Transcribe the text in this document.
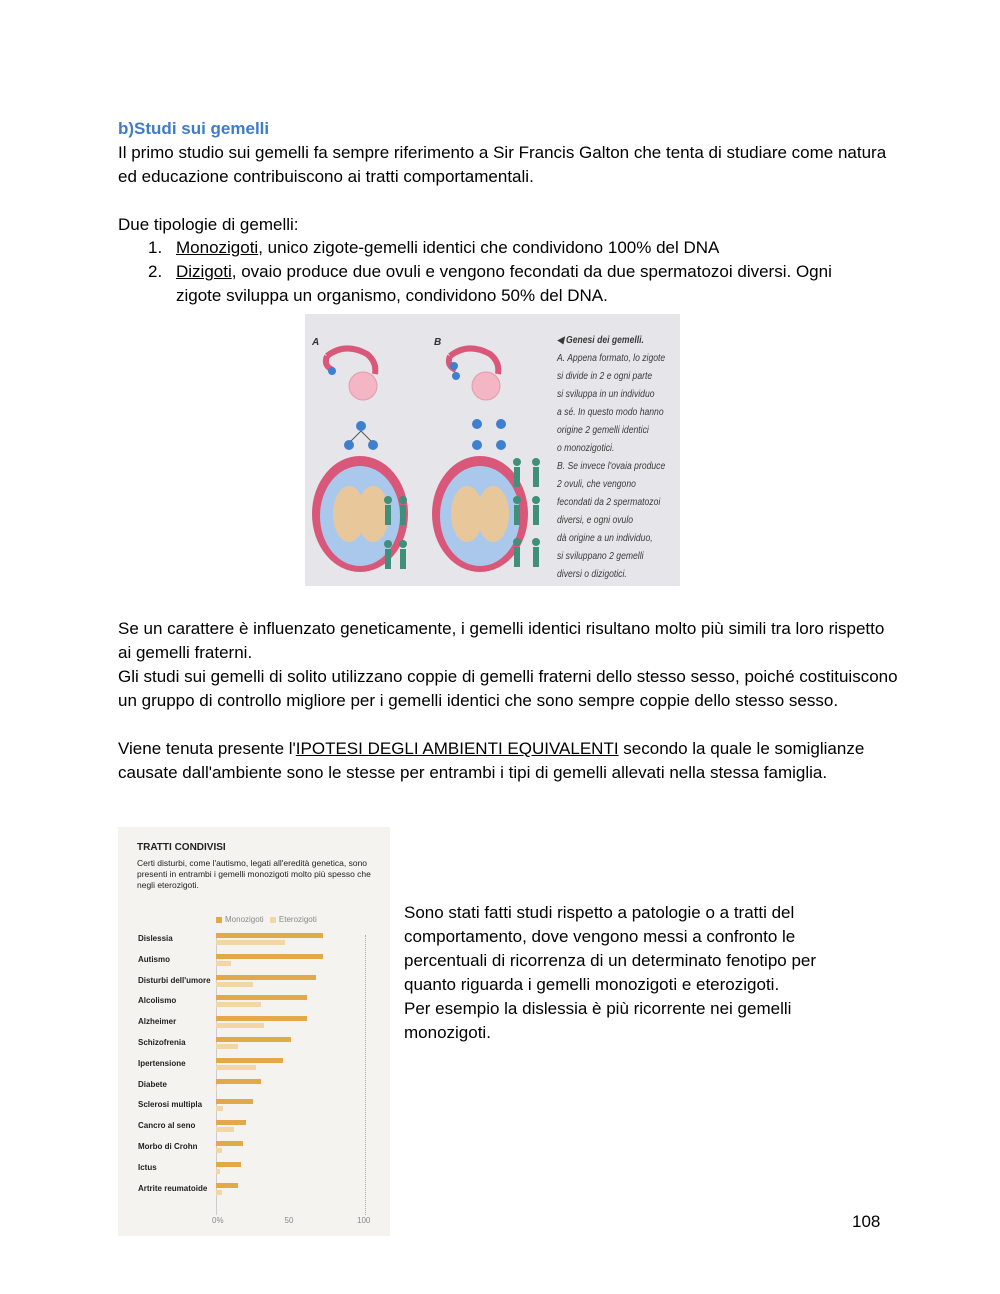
b)Studi sui gemelli

Il primo studio sui gemelli fa sempre riferimento a Sir Francis Galton che tenta di studiare come natura ed educazione contribuiscono ai tratti comportamentali.

Due tipologie di gemelli:

1. Monozigoti, unico zigote-gemelli identici che condividono 100% del DNA
2. Dizigoti, ovaio produce due ovuli e vengono fecondati da due spermatozoi diversi. Ogni zigote sviluppa un organismo, condividono 50% del DNA.
A	B	◀ Genesi dei gemelli.
A. Appena formato, lo zigote
si divide in 2 e ogni parte
si sviluppa in un individuo
a sé. In questo modo hanno
origine 2 gemelli identici
o monozigotici.
B. Se invece l'ovaia produce
2 ovuli, che vengono
fecondati da 2 spermatozoi
diversi, e ogni ovulo
dà origine a un individuo,
si sviluppano 2 gemelli
diversi o dizigotici.

Se un carattere è influenzato geneticamente, i gemelli identici risultano molto più simili tra loro rispetto ai gemelli fraterni.

Gli studi sui gemelli di solito utilizzano coppie di gemelli fraterni dello stesso sesso, poiché costituiscono un gruppo di controllo migliore per i gemelli identici che sono sempre coppie dello stesso sesso.

Viene tenuta presente l'IPOTESI DEGLI AMBIENTI EQUIVALENTI secondo la quale le somiglianze causate dall'ambiente sono le stesse per entrambi i tipi di gemelli allevati nella stessa famiglia.

TRATTI CONDIVISI
Certi disturbi, come l'autismo, legati all'eredità genetica, sono presenti in entrambi i gemelli monozigoti molto più spesso che negli eterozigoti.
Monozigoti Eterozigoti
Dislessia
Autismo
Disturbi dell'umore
Alcolismo
Alzheimer
Schizofrenia
Ipertensione
Diabete
Sclerosi multipla
Cancro al seno
Morbo di Crohn
Ictus
Artrite reumatoide
0%	50	100

Sono stati fatti studi rispetto a patologie o a tratti del comportamento, dove vengono messi a confronto le percentuali di ricorrenza di un determinato fenotipo per quanto riguarda i gemelli monozigoti e eterozigoti.
Per esempio la dislessia è più ricorrente nei gemelli monozigoti.

108
